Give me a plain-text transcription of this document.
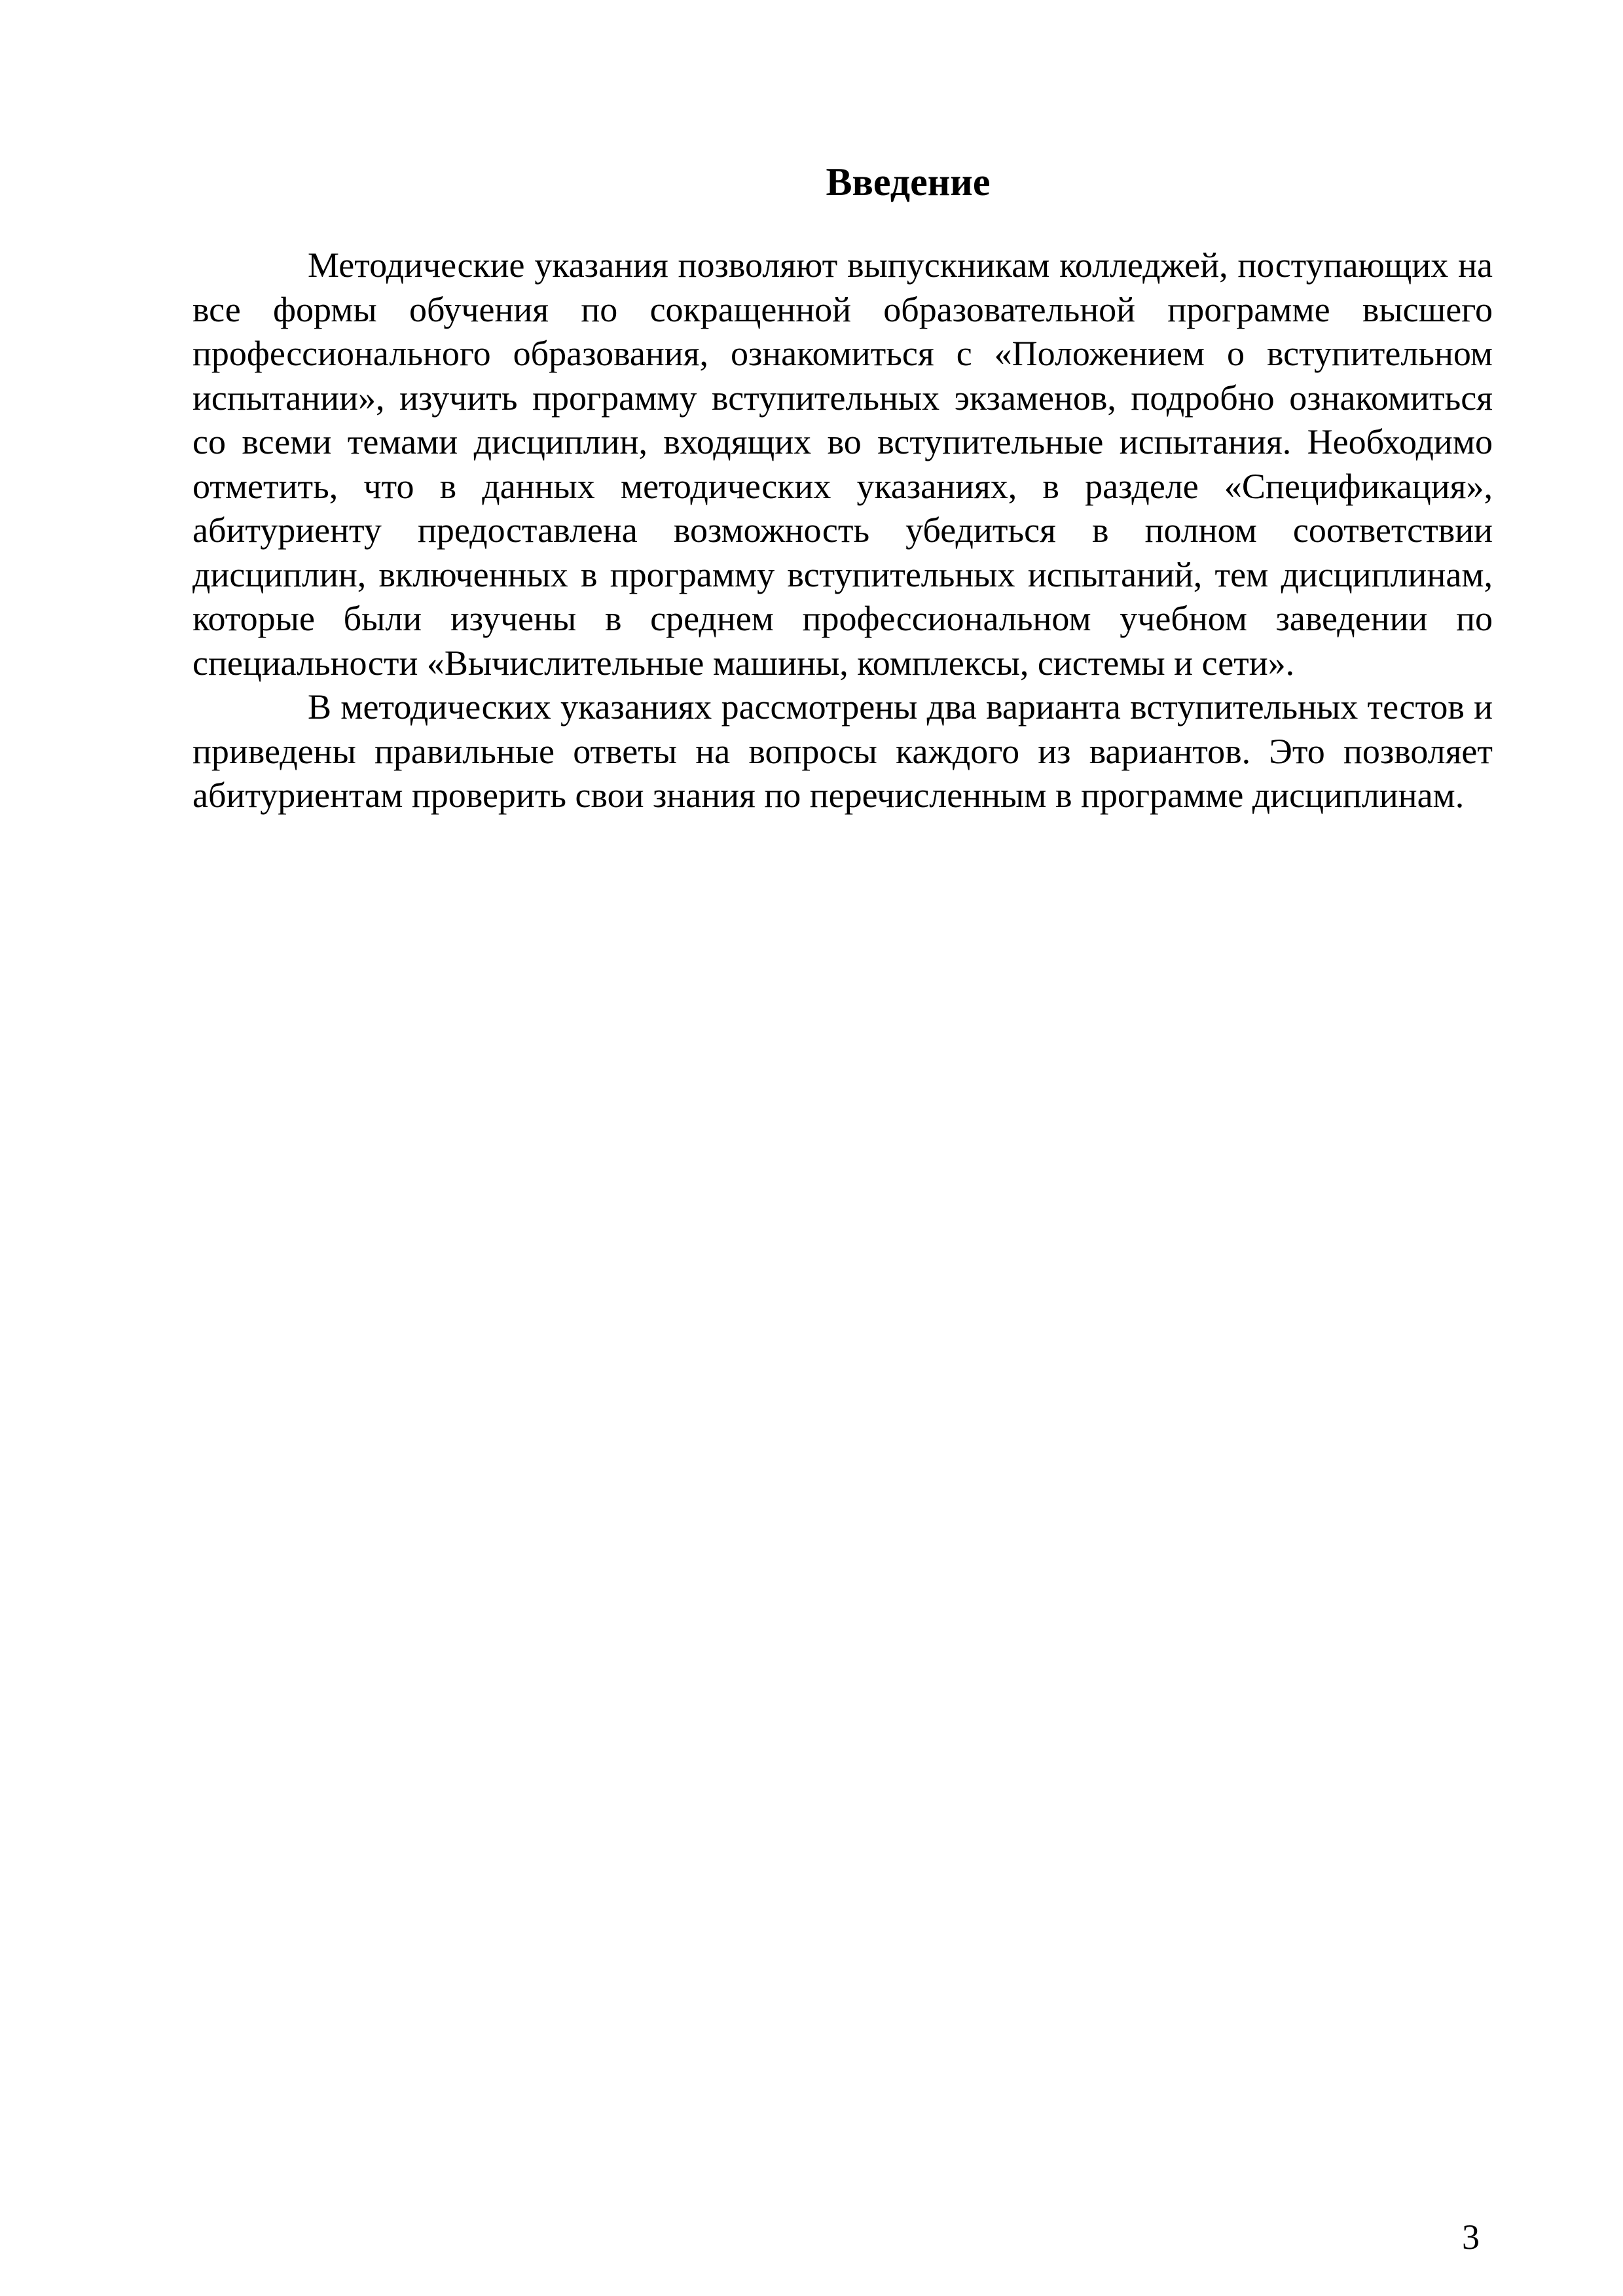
Введение

Методические указания позволяют выпускникам колледжей, поступающих на все формы обучения по сокращенной образовательной программе высшего профессионального образования, ознакомиться с «Положением о вступительном испытании», изучить программу вступительных экзаменов, подробно ознакомиться со всеми темами дисциплин, входящих во вступительные испытания. Необходимо отметить, что в данных методических указаниях, в разделе «Спецификация», абитуриенту предоставлена возможность убедиться в полном соответствии дисциплин, включенных в программу вступительных испытаний, тем дисциплинам, которые были изучены в среднем профессиональном учебном заведении по специальности «Вычислительные машины, комплексы, системы и сети».

В методических указаниях рассмотрены два варианта вступительных тестов и приведены правильные ответы на вопросы каждого из вариантов. Это позволяет абитуриентам проверить свои знания по перечисленным в программе дисциплинам.

3
